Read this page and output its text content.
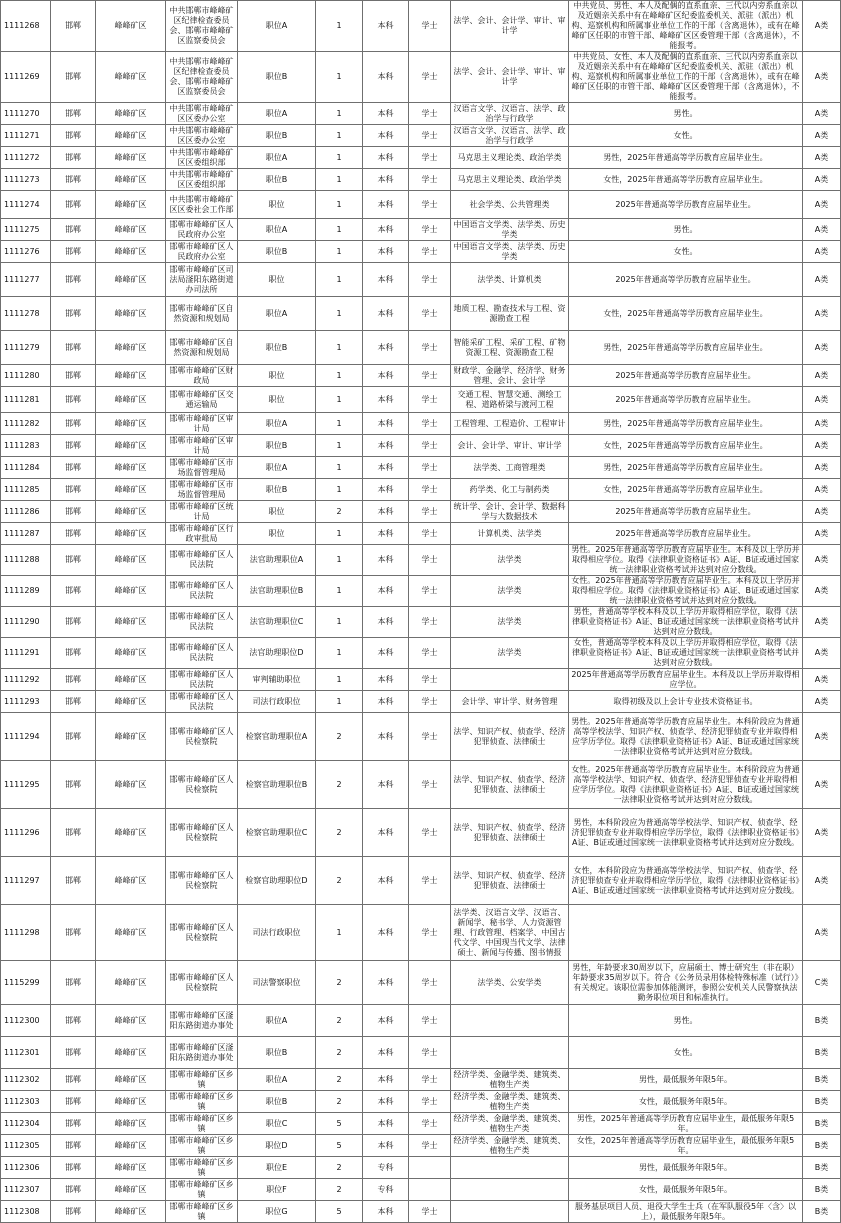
1111268	邯郸	峰峰矿区	中共邯郸市峰峰矿区纪律检查委员会、邯郸市峰峰矿区监察委员会	职位A	1	本科	学士	法学、会计、会计学、审计、审计学	中共党员、男性、本人及配偶的直系血亲、三代以内旁系血亲以及近姻亲关系中有在峰峰矿区纪委监委机关、派驻（派出）机构、巡察机构和所属事业单位工作的干部（含离退休），或有在峰峰矿区任职的市管干部、峰峰矿区区委管理干部（含离退休），不能报考。	A类
1111269	邯郸	峰峰矿区	中共邯郸市峰峰矿区纪律检查委员会、邯郸市峰峰矿区监察委员会	职位B	1	本科	学士	法学、会计、会计学、审计、审计学	中共党员、女性、本人及配偶的直系血亲、三代以内旁系血亲以及近姻亲关系中有在峰峰矿区纪委监委机关、派驻（派出）机构、巡察机构和所属事业单位工作的干部（含离退休），或有在峰峰矿区任职的市管干部、峰峰矿区区委管理干部（含离退休），不能报考。	A类
1111270	邯郸	峰峰矿区	中共邯郸市峰峰矿区区委办公室	职位A	1	本科	学士	汉语言文学、汉语言、法学、政治学与行政学	男性。	A类
1111271	邯郸	峰峰矿区	中共邯郸市峰峰矿区区委办公室	职位B	1	本科	学士	汉语言文学、汉语言、法学、政治学与行政学	女性。	A类
1111272	邯郸	峰峰矿区	中共邯郸市峰峰矿区区委组织部	职位A	1	本科	学士	马克思主义理论类、政治学类	男性，2025年普通高等学历教育应届毕业生。	A类
1111273	邯郸	峰峰矿区	中共邯郸市峰峰矿区区委组织部	职位B	1	本科	学士	马克思主义理论类、政治学类	女性，2025年普通高等学历教育应届毕业生。	A类
1111274	邯郸	峰峰矿区	中共邯郸市峰峰矿区区委社会工作部	职位	1	本科	学士	社会学类、公共管理类	2025年普通高等学历教育应届毕业生。	A类
1111275	邯郸	峰峰矿区	邯郸市峰峰矿区人民政府办公室	职位A	1	本科	学士	中国语言文学类、法学类、历史学类	男性。	A类
1111276	邯郸	峰峰矿区	邯郸市峰峰矿区人民政府办公室	职位B	1	本科	学士	中国语言文学类、法学类、历史学类	女性。	A类
1111277	邯郸	峰峰矿区	邯郸市峰峰矿区司法局滏阳东路街道办司法所	职位	1	本科	学士	法学类、计算机类	2025年普通高等学历教育应届毕业生。	A类
1111278	邯郸	峰峰矿区	邯郸市峰峰矿区自然资源和规划局	职位A	1	本科	学士	地质工程、勘查技术与工程、资源勘查工程	女性，2025年普通高等学历教育应届毕业生。	A类
1111279	邯郸	峰峰矿区	邯郸市峰峰矿区自然资源和规划局	职位B	1	本科	学士	智能采矿工程、采矿工程、矿物资源工程、资源勘查工程	男性，2025年普通高等学历教育应届毕业生。	A类
1111280	邯郸	峰峰矿区	邯郸市峰峰矿区财政局	职位	1	本科	学士	财政学、金融学、经济学、财务管理、会计、会计学	2025年普通高等学历教育应届毕业生。	A类
1111281	邯郸	峰峰矿区	邯郸市峰峰矿区交通运输局	职位	1	本科	学士	交通工程、智慧交通、测绘工程、道路桥梁与渡河工程	2025年普通高等学历教育应届毕业生。	A类
1111282	邯郸	峰峰矿区	邯郸市峰峰矿区审计局	职位A	1	本科	学士	工程管理、工程造价、工程审计	男性，2025年普通高等学历教育应届毕业生。	A类
1111283	邯郸	峰峰矿区	邯郸市峰峰矿区审计局	职位B	1	本科	学士	会计、会计学、审计、审计学	女性，2025年普通高等学历教育应届毕业生。	A类
1111284	邯郸	峰峰矿区	邯郸市峰峰矿区市场监督管理局	职位A	1	本科	学士	法学类、工商管理类	男性，2025年普通高等学历教育应届毕业生。	A类
1111285	邯郸	峰峰矿区	邯郸市峰峰矿区市场监督管理局	职位B	1	本科	学士	药学类、化工与制药类	女性，2025年普通高等学历教育应届毕业生。	A类
1111286	邯郸	峰峰矿区	邯郸市峰峰矿区统计局	职位	2	本科	学士	统计学、会计、会计学、数据科学与大数据技术	2025年普通高等学历教育应届毕业生。	A类
1111287	邯郸	峰峰矿区	邯郸市峰峰矿区行政审批局	职位	1	本科	学士	计算机类、法学类	2025年普通高等学历教育应届毕业生。	A类
1111288	邯郸	峰峰矿区	邯郸市峰峰矿区人民法院	法官助理职位A	1	本科	学士	法学类	男性。2025年普通高等学历教育应届毕业生。本科及以上学历并取得相应学位。取得《法律职业资格证书》A证、B证或通过国家统一法律职业资格考试并达到对应分数线。	A类
1111289	邯郸	峰峰矿区	邯郸市峰峰矿区人民法院	法官助理职位B	1	本科	学士	法学类	女性。2025年普通高等学历教育应届毕业生。本科及以上学历并取得相应学位。取得《法律职业资格证书》A证、B证或通过国家统一法律职业资格考试并达到对应分数线。	A类
1111290	邯郸	峰峰矿区	邯郸市峰峰矿区人民法院	法官助理职位C	1	本科	学士	法学类	男性，普通高等学校本科及以上学历并取得相应学位，取得《法律职业资格证书》A证、B证或通过国家统一法律职业资格考试并达到对应分数线。	A类
1111291	邯郸	峰峰矿区	邯郸市峰峰矿区人民法院	法官助理职位D	1	本科	学士	法学类	女性，普通高等学校本科及以上学历并取得相应学位，取得《法律职业资格证书》A证、B证或通过国家统一法律职业资格考试并达到对应分数线。	A类
1111292	邯郸	峰峰矿区	邯郸市峰峰矿区人民法院	审判辅助职位	1	本科	学士		2025年普通高等学历教育应届毕业生。本科及以上学历并取得相应学位。	A类
1111293	邯郸	峰峰矿区	邯郸市峰峰矿区人民法院	司法行政职位	1	本科	学士	会计学、审计学、财务管理	取得初级及以上会计专业技术资格证书。	A类
1111294	邯郸	峰峰矿区	邯郸市峰峰矿区人民检察院	检察官助理职位A	2	本科	学士	法学、知识产权、侦查学、经济犯罪侦查、法律硕士	男性。2025年普通高等学历教育应届毕业生。本科阶段应为普通高等学校法学、知识产权、侦查学、经济犯罪侦查专业并取得相应学历学位。取得《法律职业资格证书》A证、B证或通过国家统一法律职业资格考试并达到对应分数线。	A类
1111295	邯郸	峰峰矿区	邯郸市峰峰矿区人民检察院	检察官助理职位B	2	本科	学士	法学、知识产权、侦查学、经济犯罪侦查、法律硕士	女性。2025年普通高等学历教育应届毕业生。本科阶段应为普通高等学校法学、知识产权、侦查学、经济犯罪侦查专业并取得相应学历学位。取得《法律职业资格证书》A证、B证或通过国家统一法律职业资格考试并达到对应分数线。	A类
1111296	邯郸	峰峰矿区	邯郸市峰峰矿区人民检察院	检察官助理职位C	2	本科	学士	法学、知识产权、侦查学、经济犯罪侦查、法律硕士	男性，本科阶段应为普通高等学校法学、知识产权、侦查学、经济犯罪侦查专业并取得相应学历学位，取得《法律职业资格证书》A证、B证或通过国家统一法律职业资格考试并达到对应分数线。	A类
1111297	邯郸	峰峰矿区	邯郸市峰峰矿区人民检察院	检察官助理职位D	2	本科	学士	法学、知识产权、侦查学、经济犯罪侦查、法律硕士	女性，本科阶段应为普通高等学校法学、知识产权、侦查学、经济犯罪侦查专业并取得相应学历学位，取得《法律职业资格证书》A证、B证或通过国家统一法律职业资格考试并达到对应分数线。	A类
1111298	邯郸	峰峰矿区	邯郸市峰峰矿区人民检察院	司法行政职位	1	本科	学士	法学类、汉语言文学、汉语言、新闻学、秘书学、人力资源管理、行政管理、档案学、中国古代文学、中国现当代文学、法律硕士、新闻与传播、图书情报		A类
1115299	邯郸	峰峰矿区	邯郸市峰峰矿区人民检察院	司法警察职位	2	本科	学士	法学类、公安学类	男性，年龄要求30周岁以下，应届硕士、博士研究生（非在职）年龄要求35周岁以下。符合《公务员录用体检特殊标准（试行）》有关规定。该职位需参加体能测评，参照公安机关人民警察执法勤务职位项目和标准执行。	C类
1112300	邯郸	峰峰矿区	邯郸市峰峰矿区滏阳东路街道办事处	职位A	2	本科	学士		男性。	B类
1112301	邯郸	峰峰矿区	邯郸市峰峰矿区滏阳东路街道办事处	职位B	2	本科	学士		女性。	B类
1112302	邯郸	峰峰矿区	邯郸市峰峰矿区乡镇	职位A	2	本科	学士	经济学类、金融学类、建筑类、植物生产类	男性，最低服务年限5年。	B类
1112303	邯郸	峰峰矿区	邯郸市峰峰矿区乡镇	职位B	2	本科	学士	经济学类、金融学类、建筑类、植物生产类	女性，最低服务年限5年。	B类
1112304	邯郸	峰峰矿区	邯郸市峰峰矿区乡镇	职位C	5	本科	学士	经济学类、金融学类、建筑类、植物生产类	男性，2025年普通高等学历教育应届毕业生，最低服务年限5年。	B类
1112305	邯郸	峰峰矿区	邯郸市峰峰矿区乡镇	职位D	5	本科	学士	经济学类、金融学类、建筑类、植物生产类	女性，2025年普通高等学历教育应届毕业生，最低服务年限5年。	B类
1112306	邯郸	峰峰矿区	邯郸市峰峰矿区乡镇	职位E	2	专科			男性，最低服务年限5年。	B类
1112307	邯郸	峰峰矿区	邯郸市峰峰矿区乡镇	职位F	2	专科			女性，最低服务年限5年。	B类
1112308	邯郸	峰峰矿区	邯郸市峰峰矿区乡镇	职位G	5	本科	学士		服务基层项目人员、退役大学生士兵（在军队服役5年〈含〉以上），最低服务年限5年。	B类
